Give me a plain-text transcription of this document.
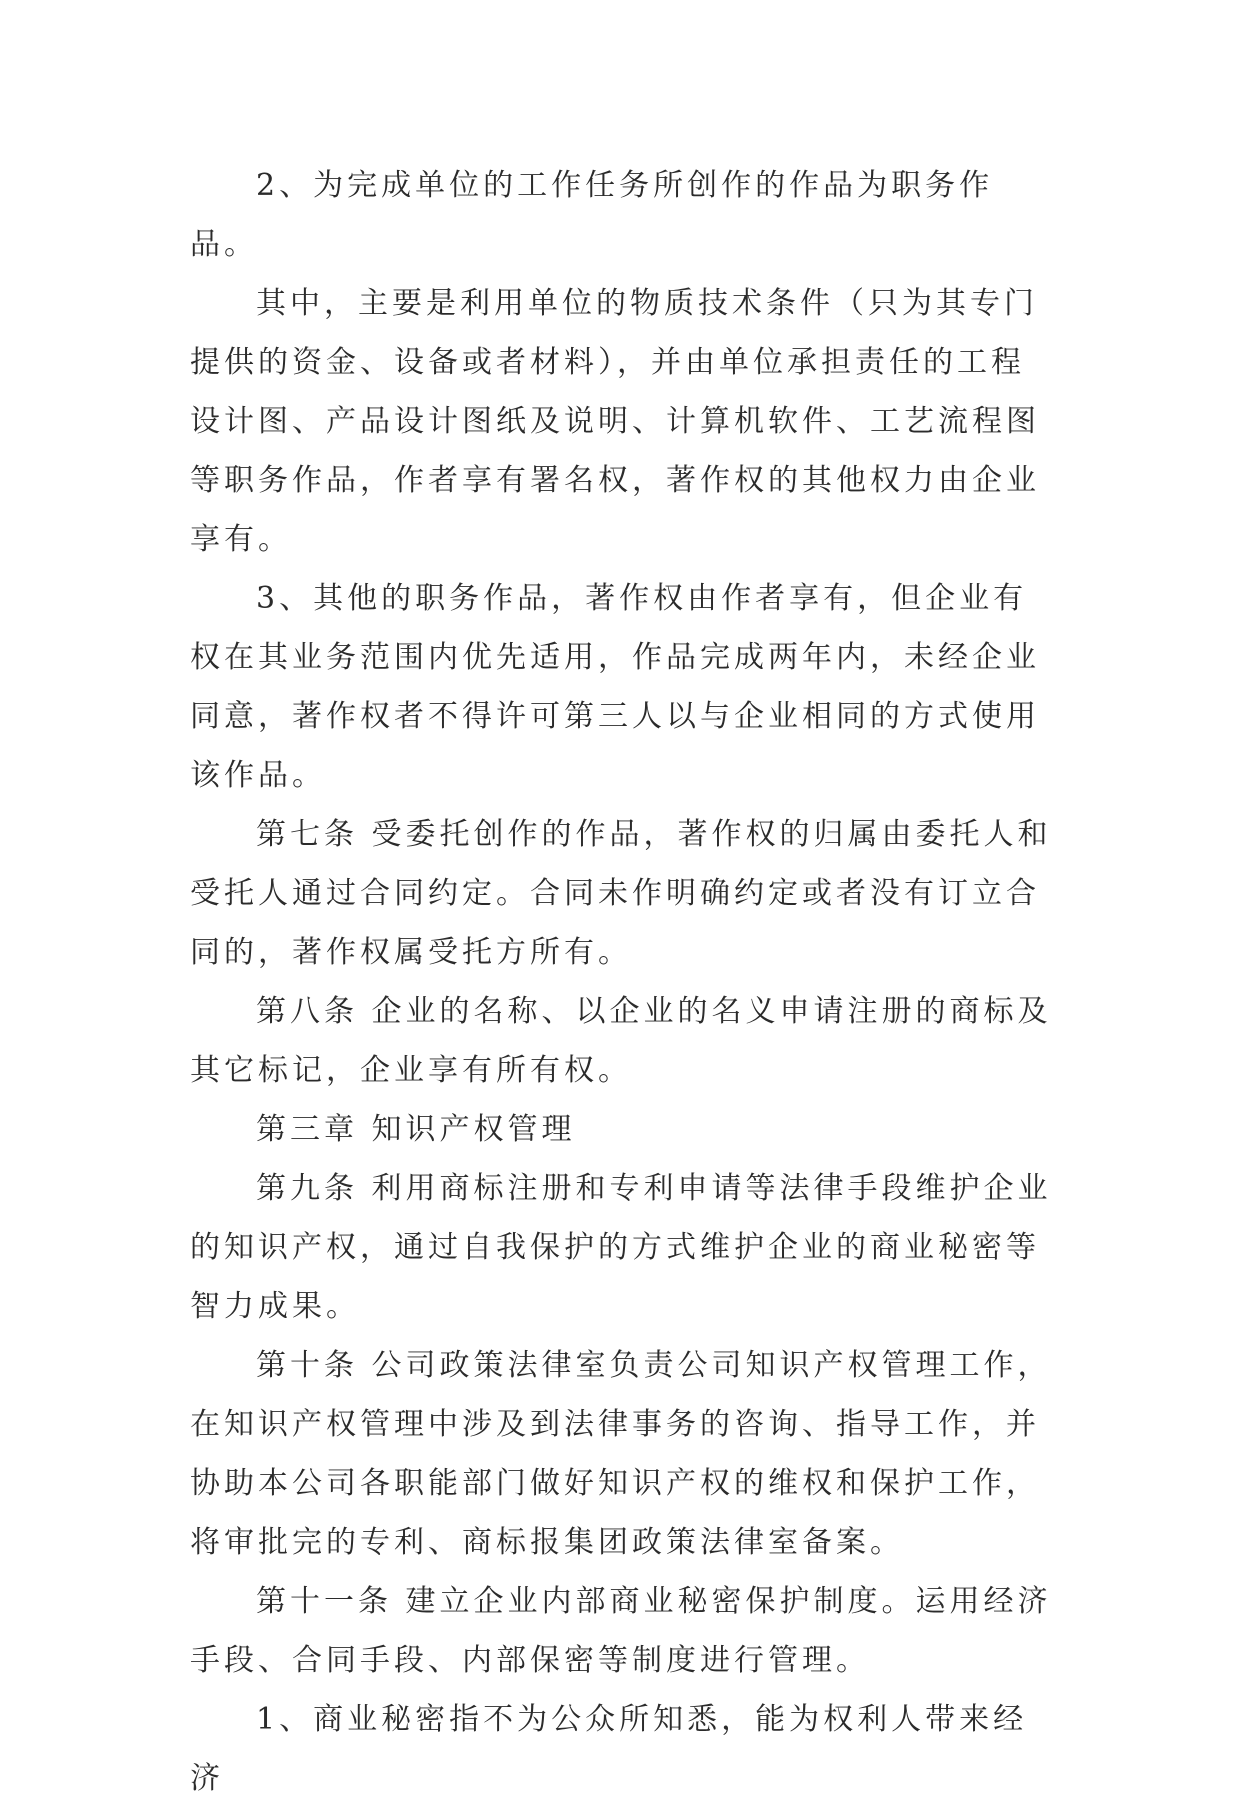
2、为完成单位的工作任务所创作的作品为职务作品。

其中，主要是利用单位的物质技术条件（只为其专门提供的资金、设备或者材料），并由单位承担责任的工程设计图、产品设计图纸及说明、计算机软件、工艺流程图等职务作品，作者享有署名权，著作权的其他权力由企业享有。

3、其他的职务作品，著作权由作者享有，但企业有权在其业务范围内优先适用，作品完成两年内，未经企业同意，著作权者不得许可第三人以与企业相同的方式使用该作品。

第七条 受委托创作的作品，著作权的归属由委托人和受托人通过合同约定。合同未作明确约定或者没有订立合同的，著作权属受托方所有。

第八条 企业的名称、以企业的名义申请注册的商标及其它标记，企业享有所有权。

第三章 知识产权管理

第九条 利用商标注册和专利申请等法律手段维护企业的知识产权，通过自我保护的方式维护企业的商业秘密等智力成果。

第十条 公司政策法律室负责公司知识产权管理工作，在知识产权管理中涉及到法律事务的咨询、指导工作，并协助本公司各职能部门做好知识产权的维权和保护工作，将审批完的专利、商标报集团政策法律室备案。

第十一条 建立企业内部商业秘密保护制度。运用经济手段、合同手段、内部保密等制度进行管理。

1、商业秘密指不为公众所知悉，能为权利人带来经济
